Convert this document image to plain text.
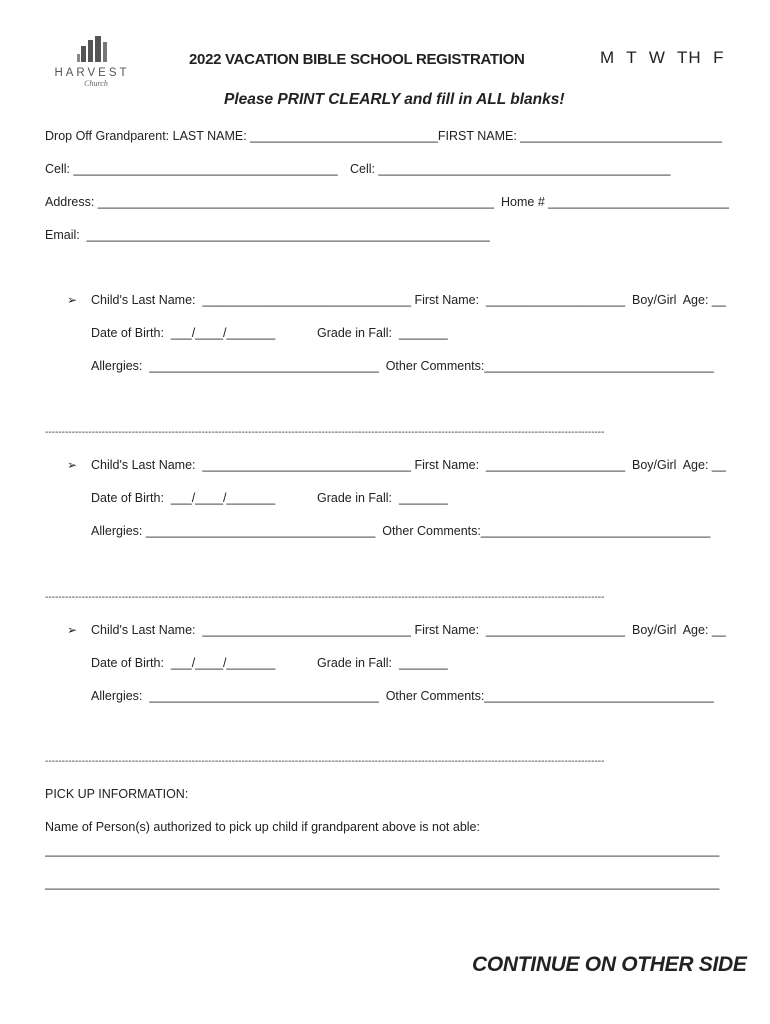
HARVEST
Church
2022 VACATION BIBLE SCHOOL REGISTRATION	M  T  W  TH  F
Please PRINT CLEARLY and fill in ALL blanks!
Drop Off Grandparent: LAST NAME: ___________________________FIRST NAME: _____________________________
Cell: ______________________________________ Cell: __________________________________________
Address: _________________________________________________________  Home # __________________________
Email:  __________________________________________________________
➢ Child's Last Name:  ______________________________ First Name:  ____________________  Boy/Girl  Age: __
Date of Birth:  ___/____/_______	Grade in Fall:  _______
Allergies:  _________________________________  Other Comments:_________________________________
------------------------------------------------------------------------------------------------------------------------------------------------------------------------
➢ Child's Last Name:  ______________________________ First Name:  ____________________  Boy/Girl  Age: __
Date of Birth:  ___/____/_______	Grade in Fall:  _______
Allergies: _________________________________  Other Comments:_________________________________
------------------------------------------------------------------------------------------------------------------------------------------------------------------------
➢ Child's Last Name:  ______________________________ First Name:  ____________________  Boy/Girl  Age: __
Date of Birth:  ___/____/_______	Grade in Fall:  _______
Allergies:  _________________________________  Other Comments:_________________________________
------------------------------------------------------------------------------------------------------------------------------------------------------------------------
PICK UP INFORMATION:
Name of Person(s) authorized to pick up child if grandparent above is not able:
_________________________________________________________________________________________________
_________________________________________________________________________________________________
CONTINUE ON OTHER SIDE
